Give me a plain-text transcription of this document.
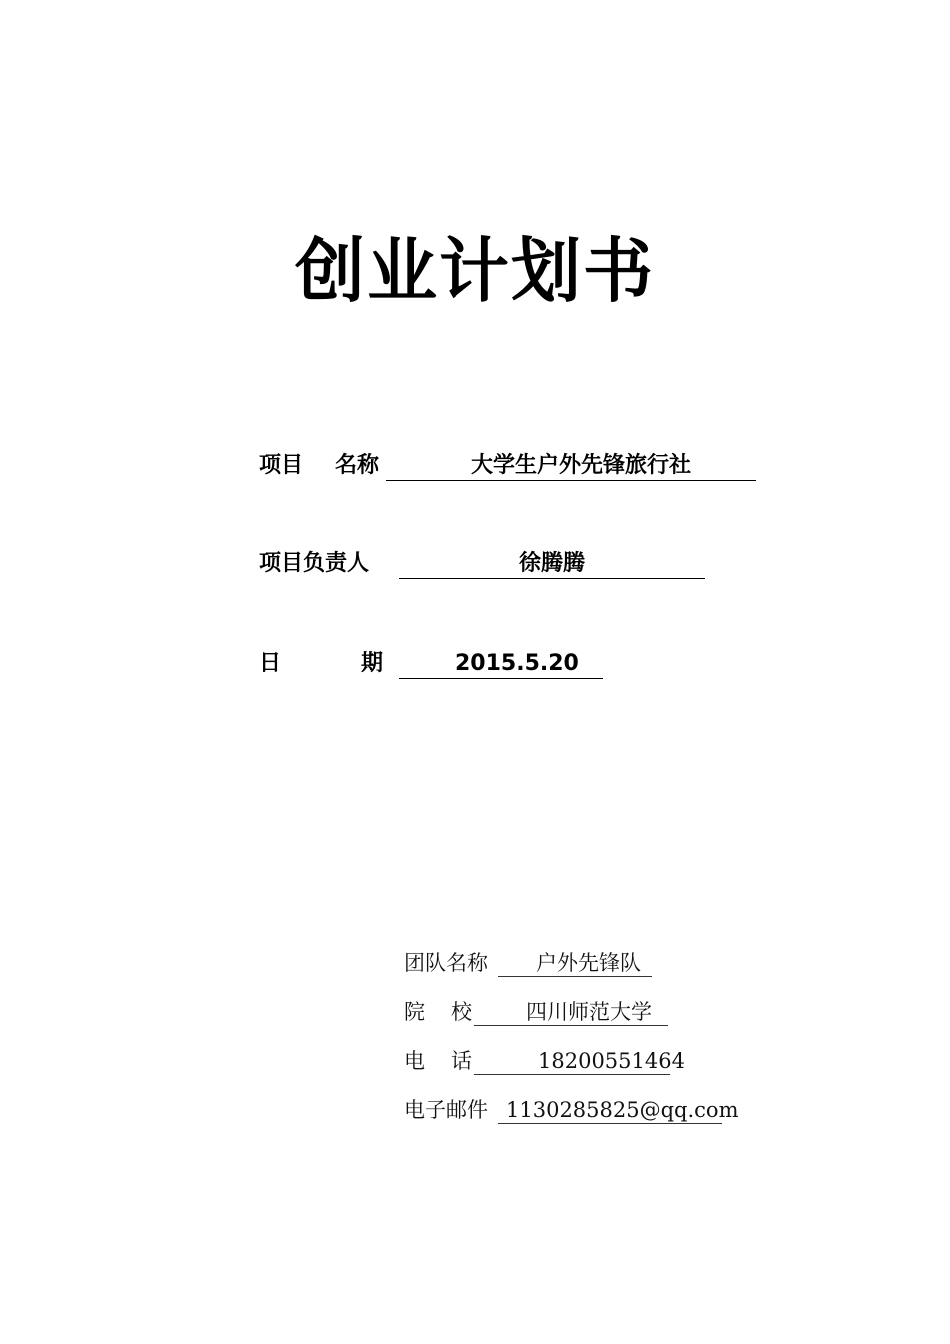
创业计划书
项目 名称	大学生户外先锋旅行社
项目负责人	徐腾腾
日	期	2015.5.20
团队名称	户外先锋队
院 校	四川师范大学
电 话	18200551464
电子邮件 1130285825@qq.com
